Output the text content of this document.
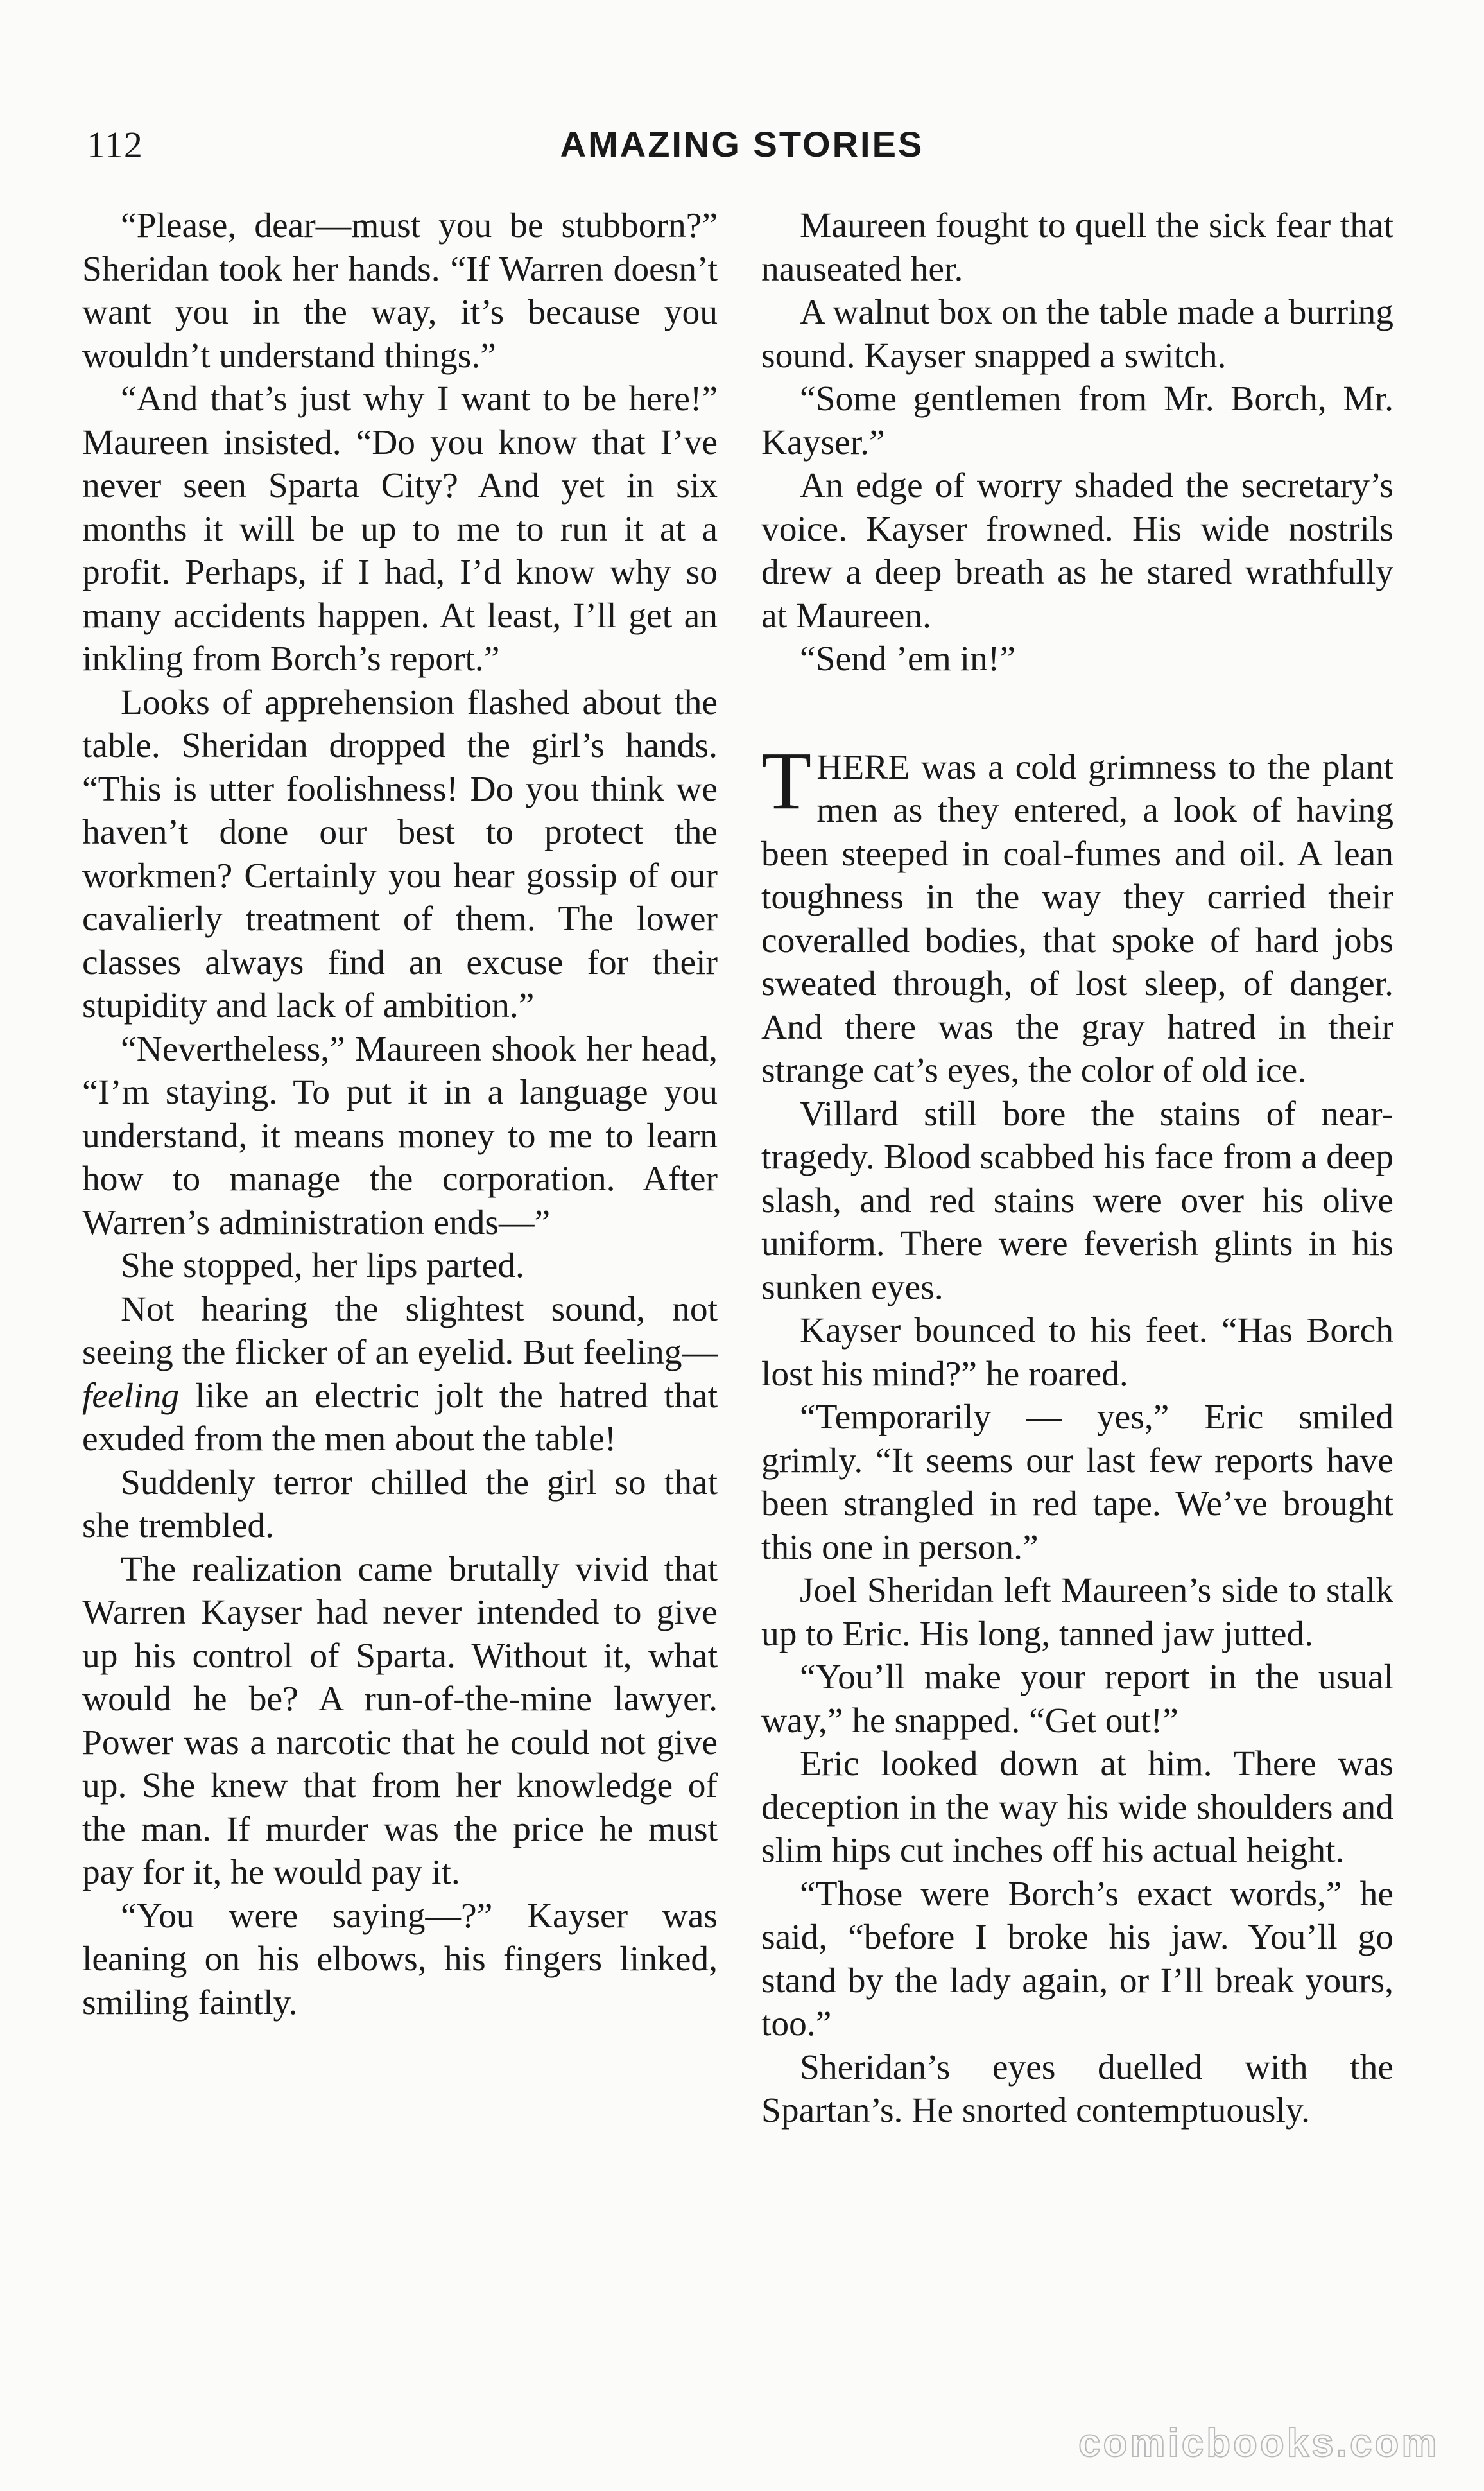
112	AMAZING STORIES

“Please, dear—must you be stubborn?” Sheridan took her hands. “If Warren doesn’t want you in the way, it’s because you wouldn’t understand things.”

“And that’s just why I want to be here!” Maureen insisted. “Do you know that I’ve never seen Sparta City? And yet in six months it will be up to me to run it at a profit. Perhaps, if I had, I’d know why so many accidents happen. At least, I’ll get an inkling from Borch’s report.”

Looks of apprehension flashed about the table. Sheridan dropped the girl’s hands. “This is utter foolishness! Do you think we haven’t done our best to protect the workmen? Certainly you hear gossip of our cavalierly treatment of them. The lower classes always find an excuse for their stupidity and lack of ambition.”

“Nevertheless,” Maureen shook her head, “I’m staying. To put it in a language you understand, it means money to me to learn how to manage the corporation. After Warren’s administration ends—”

She stopped, her lips parted.

Not hearing the slightest sound, not seeing the flicker of an eyelid. But feeling—feeling like an electric jolt the hatred that exuded from the men about the table!

Suddenly terror chilled the girl so that she trembled.

The realization came brutally vivid that Warren Kayser had never intended to give up his control of Sparta. Without it, what would he be? A run-of-the-mine lawyer. Power was a narcotic that he could not give up. She knew that from her knowledge of the man. If murder was the price he must pay for it, he would pay it.

“You were saying—?” Kayser was leaning on his elbows, his fingers linked, smiling faintly.

Maureen fought to quell the sick fear that nauseated her.

A walnut box on the table made a burring sound. Kayser snapped a switch.

“Some gentlemen from Mr. Borch, Mr. Kayser.”

An edge of worry shaded the secretary’s voice. Kayser frowned. His wide nostrils drew a deep breath as he stared wrathfully at Maureen.

“Send ’em in!”

THERE was a cold grimness to the plant men as they entered, a look of having been steeped in coal-fumes and oil. A lean toughness in the way they carried their coveralled bodies, that spoke of hard jobs sweated through, of lost sleep, of danger. And there was the gray hatred in their strange cat’s eyes, the color of old ice.

Villard still bore the stains of near-tragedy. Blood scabbed his face from a deep slash, and red stains were over his olive uniform. There were feverish glints in his sunken eyes.

Kayser bounced to his feet. “Has Borch lost his mind?” he roared.

“Temporarily — yes,” Eric smiled grimly. “It seems our last few reports have been strangled in red tape. We’ve brought this one in person.”

Joel Sheridan left Maureen’s side to stalk up to Eric. His long, tanned jaw jutted.

“You’ll make your report in the usual way,” he snapped. “Get out!”

Eric looked down at him. There was deception in the way his wide shoulders and slim hips cut inches off his actual height.

“Those were Borch’s exact words,” he said, “before I broke his jaw. You’ll go stand by the lady again, or I’ll break yours, too.”

Sheridan’s eyes duelled with the Spartan’s. He snorted contemptuously.

comicbooks.com
